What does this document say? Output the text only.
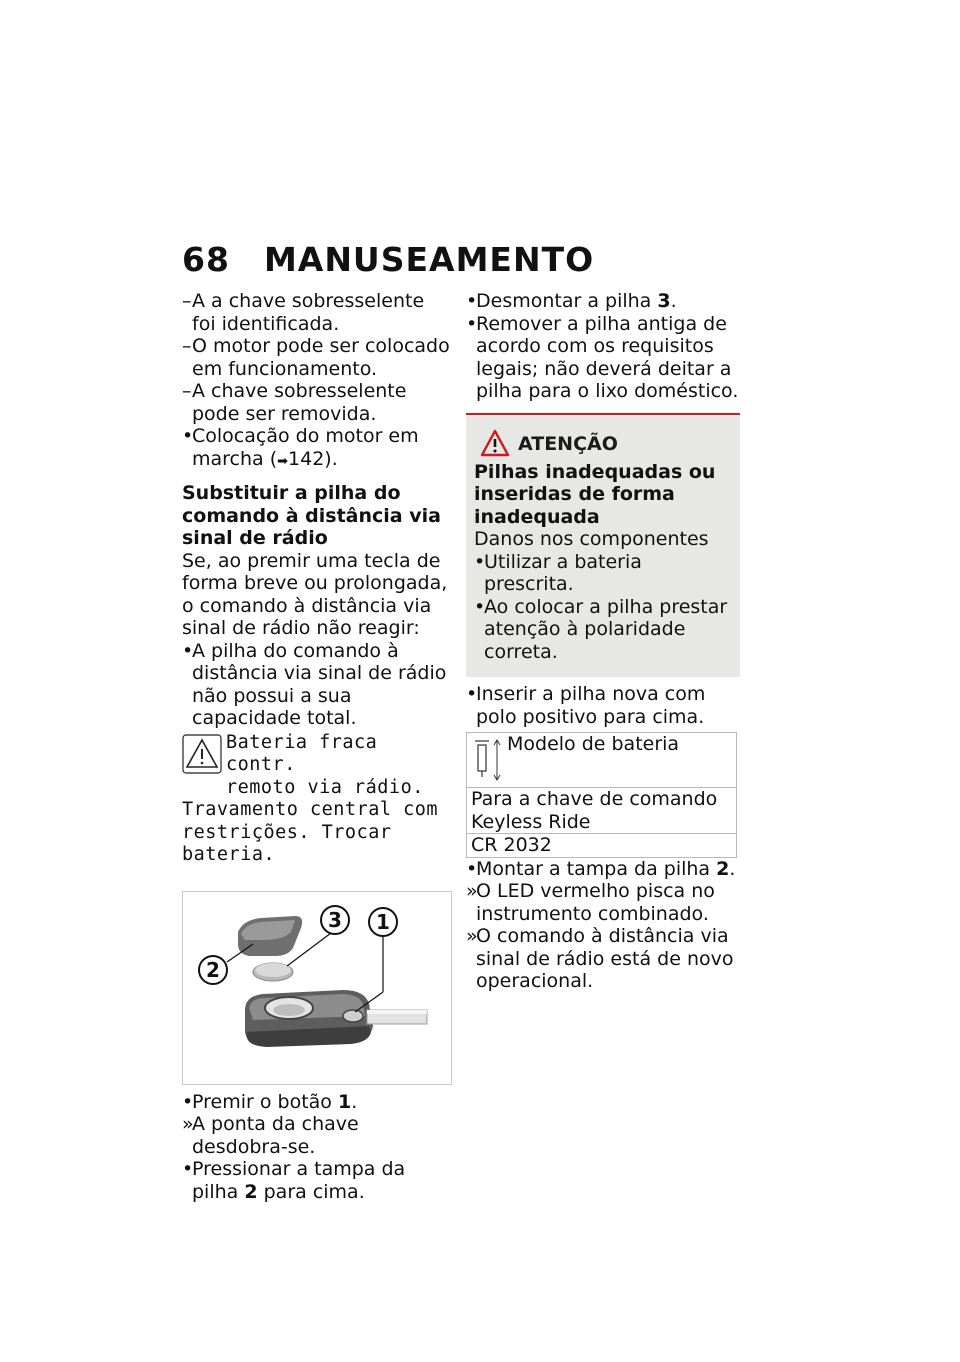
68 MANUSEAMENTO
– A a chave sobresselente foi identificada.
– O motor pode ser colocado em funcionamento.
– A chave sobresselente pode ser removida.
•
Colocação do motor em marcha (➡142).
Substituir a pilha do comando à distância via sinal de rádio

Se, ao premir uma tecla de forma breve ou prolongada, o comando à distância via sinal de rádio não reagir:

•
A pilha do comando à distância via sinal de rádio não possui a sua capacidade total.
Bateria fraca contr.
remoto via rádio.
Travamento central com restrições. Trocar bateria.
2
3 1
•
Premir o botão 1.
»
A ponta da chave desdobra-se.
•
Pressionar a tampa da pilha 2 para cima.
•
Desmontar a pilha 3.
•
Remover a pilha antiga de acordo com os requisitos legais; não deverá deitar a pilha para o lixo doméstico.
ATENÇÃO
Pilhas inadequadas ou inseridas de forma inadequada
Danos nos componentes
•
Utilizar a bateria prescrita.
•
Ao colocar a pilha prestar atenção à polaridade correta.
•
Inserir a pilha nova com polo positivo para cima.
Modelo de bateria
Para a chave de comando Keyless Ride
CR 2032
•
Montar a tampa da pilha 2.
»
O LED vermelho pisca no instrumento combinado.
»
O comando à distância via sinal de rádio está de novo operacional.
